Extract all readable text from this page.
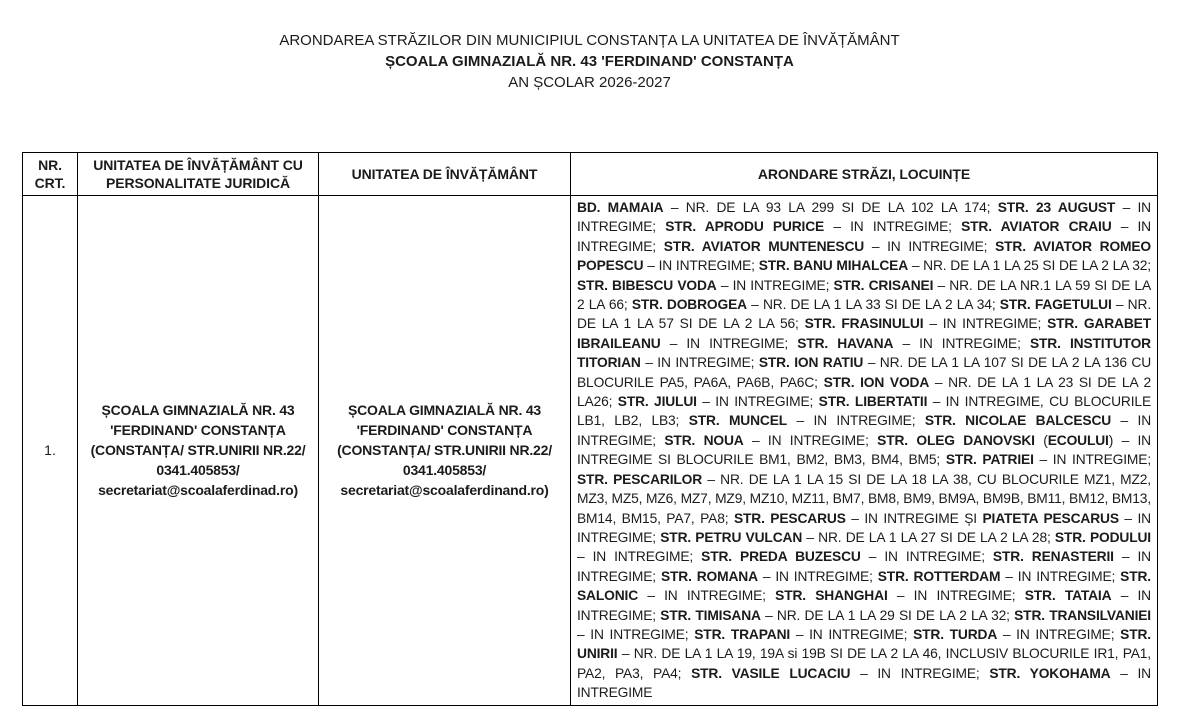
ARONDAREA STRĂZILOR DIN MUNICIPIUL CONSTANȚA LA UNITATEA DE ÎNVĂȚĂMÂNT
ȘCOALA GIMNAZIALĂ NR. 43 'FERDINAND' CONSTANȚA
AN ȘCOLAR 2026-2027
NR. CRT.	UNITATEA DE ÎNVĂȚĂMÂNT CU PERSONALITATE JURIDICĂ	UNITATEA DE ÎNVĂȚĂMÂNT	ARONDARE STRĂZI, LOCUINȚE
1.	ȘCOALA GIMNAZIALĂ NR. 43 'FERDINAND' CONSTANȚA (CONSTANȚA/ STR.UNIRII NR.22/ 0341.405853/ secretariat@scoalaferdinad.ro)	ȘCOALA GIMNAZIALĂ NR. 43 'FERDINAND' CONSTANȚA (CONSTANȚA/ STR.UNIRII NR.22/ 0341.405853/ secretariat@scoalaferdinand.ro)	BD. MAMAIA – NR. DE LA 93 LA 299 SI DE LA 102 LA 174; STR. 23 AUGUST – IN INTREGIME; STR. APRODU PURICE – IN INTREGIME; STR. AVIATOR CRAIU – IN INTREGIME; STR. AVIATOR MUNTENESCU – IN INTREGIME; STR. AVIATOR ROMEO POPESCU – IN INTREGIME; STR. BANU MIHALCEA – NR. DE LA 1 LA 25 SI DE LA 2 LA 32; STR. BIBESCU VODA – IN INTREGIME; STR. CRISANEI – NR. DE LA NR.1 LA 59 SI DE LA 2 LA 66; STR. DOBROGEA – NR. DE LA 1 LA 33 SI DE LA 2 LA 34; STR. FAGETULUI – NR. DE LA 1 LA 57 SI DE LA 2 LA 56; STR. FRASINULUI – IN INTREGIME; STR. GARABET IBRAILEANU – IN INTREGIME; STR. HAVANA – IN INTREGIME; STR. INSTITUTOR TITORIAN – IN INTREGIME; STR. ION RATIU – NR. DE LA 1 LA 107 SI DE LA 2 LA 136 CU BLOCURILE PA5, PA6A, PA6B, PA6C; STR. ION VODA – NR. DE LA 1 LA 23 SI DE LA 2 LA26; STR. JIULUI – IN INTREGIME; STR. LIBERTATII – IN INTREGIME, CU BLOCURILE LB1, LB2, LB3; STR. MUNCEL – IN INTREGIME; STR. NICOLAE BALCESCU – IN INTREGIME; STR. NOUA – IN INTREGIME; STR. OLEG DANOVSKI (ECOULUI) – IN INTREGIME SI BLOCURILE BM1, BM2, BM3, BM4, BM5; STR. PATRIEI – IN INTREGIME; STR. PESCARILOR – NR. DE LA 1 LA 15 SI DE LA 18 LA 38, CU BLOCURILE MZ1, MZ2, MZ3, MZ5, MZ6, MZ7, MZ9, MZ10, MZ11, BM7, BM8, BM9, BM9A, BM9B, BM11, BM12, BM13, BM14, BM15, PA7, PA8; STR. PESCARUS – IN INTREGIME ȘI PIATETA PESCARUS – IN INTREGIME; STR. PETRU VULCAN – NR. DE LA 1 LA 27 SI DE LA 2 LA 28; STR. PODULUI – IN INTREGIME; STR. PREDA BUZESCU – IN INTREGIME; STR. RENASTERII – IN INTREGIME; STR. ROMANA – IN INTREGIME; STR. ROTTERDAM – IN INTREGIME; STR. SALONIC – IN INTREGIME; STR. SHANGHAI – IN INTREGIME; STR. TATAIA – IN INTREGIME; STR. TIMISANA – NR. DE LA 1 LA 29 SI DE LA 2 LA 32; STR. TRANSILVANIEI – IN INTREGIME; STR. TRAPANI – IN INTREGIME; STR. TURDA – IN INTREGIME; STR. UNIRII – NR. DE LA 1 LA 19, 19A si 19B SI DE LA 2 LA 46, INCLUSIV BLOCURILE IR1, PA1, PA2, PA3, PA4; STR. VASILE LUCACIU – IN INTREGIME; STR. YOKOHAMA – IN INTREGIME
